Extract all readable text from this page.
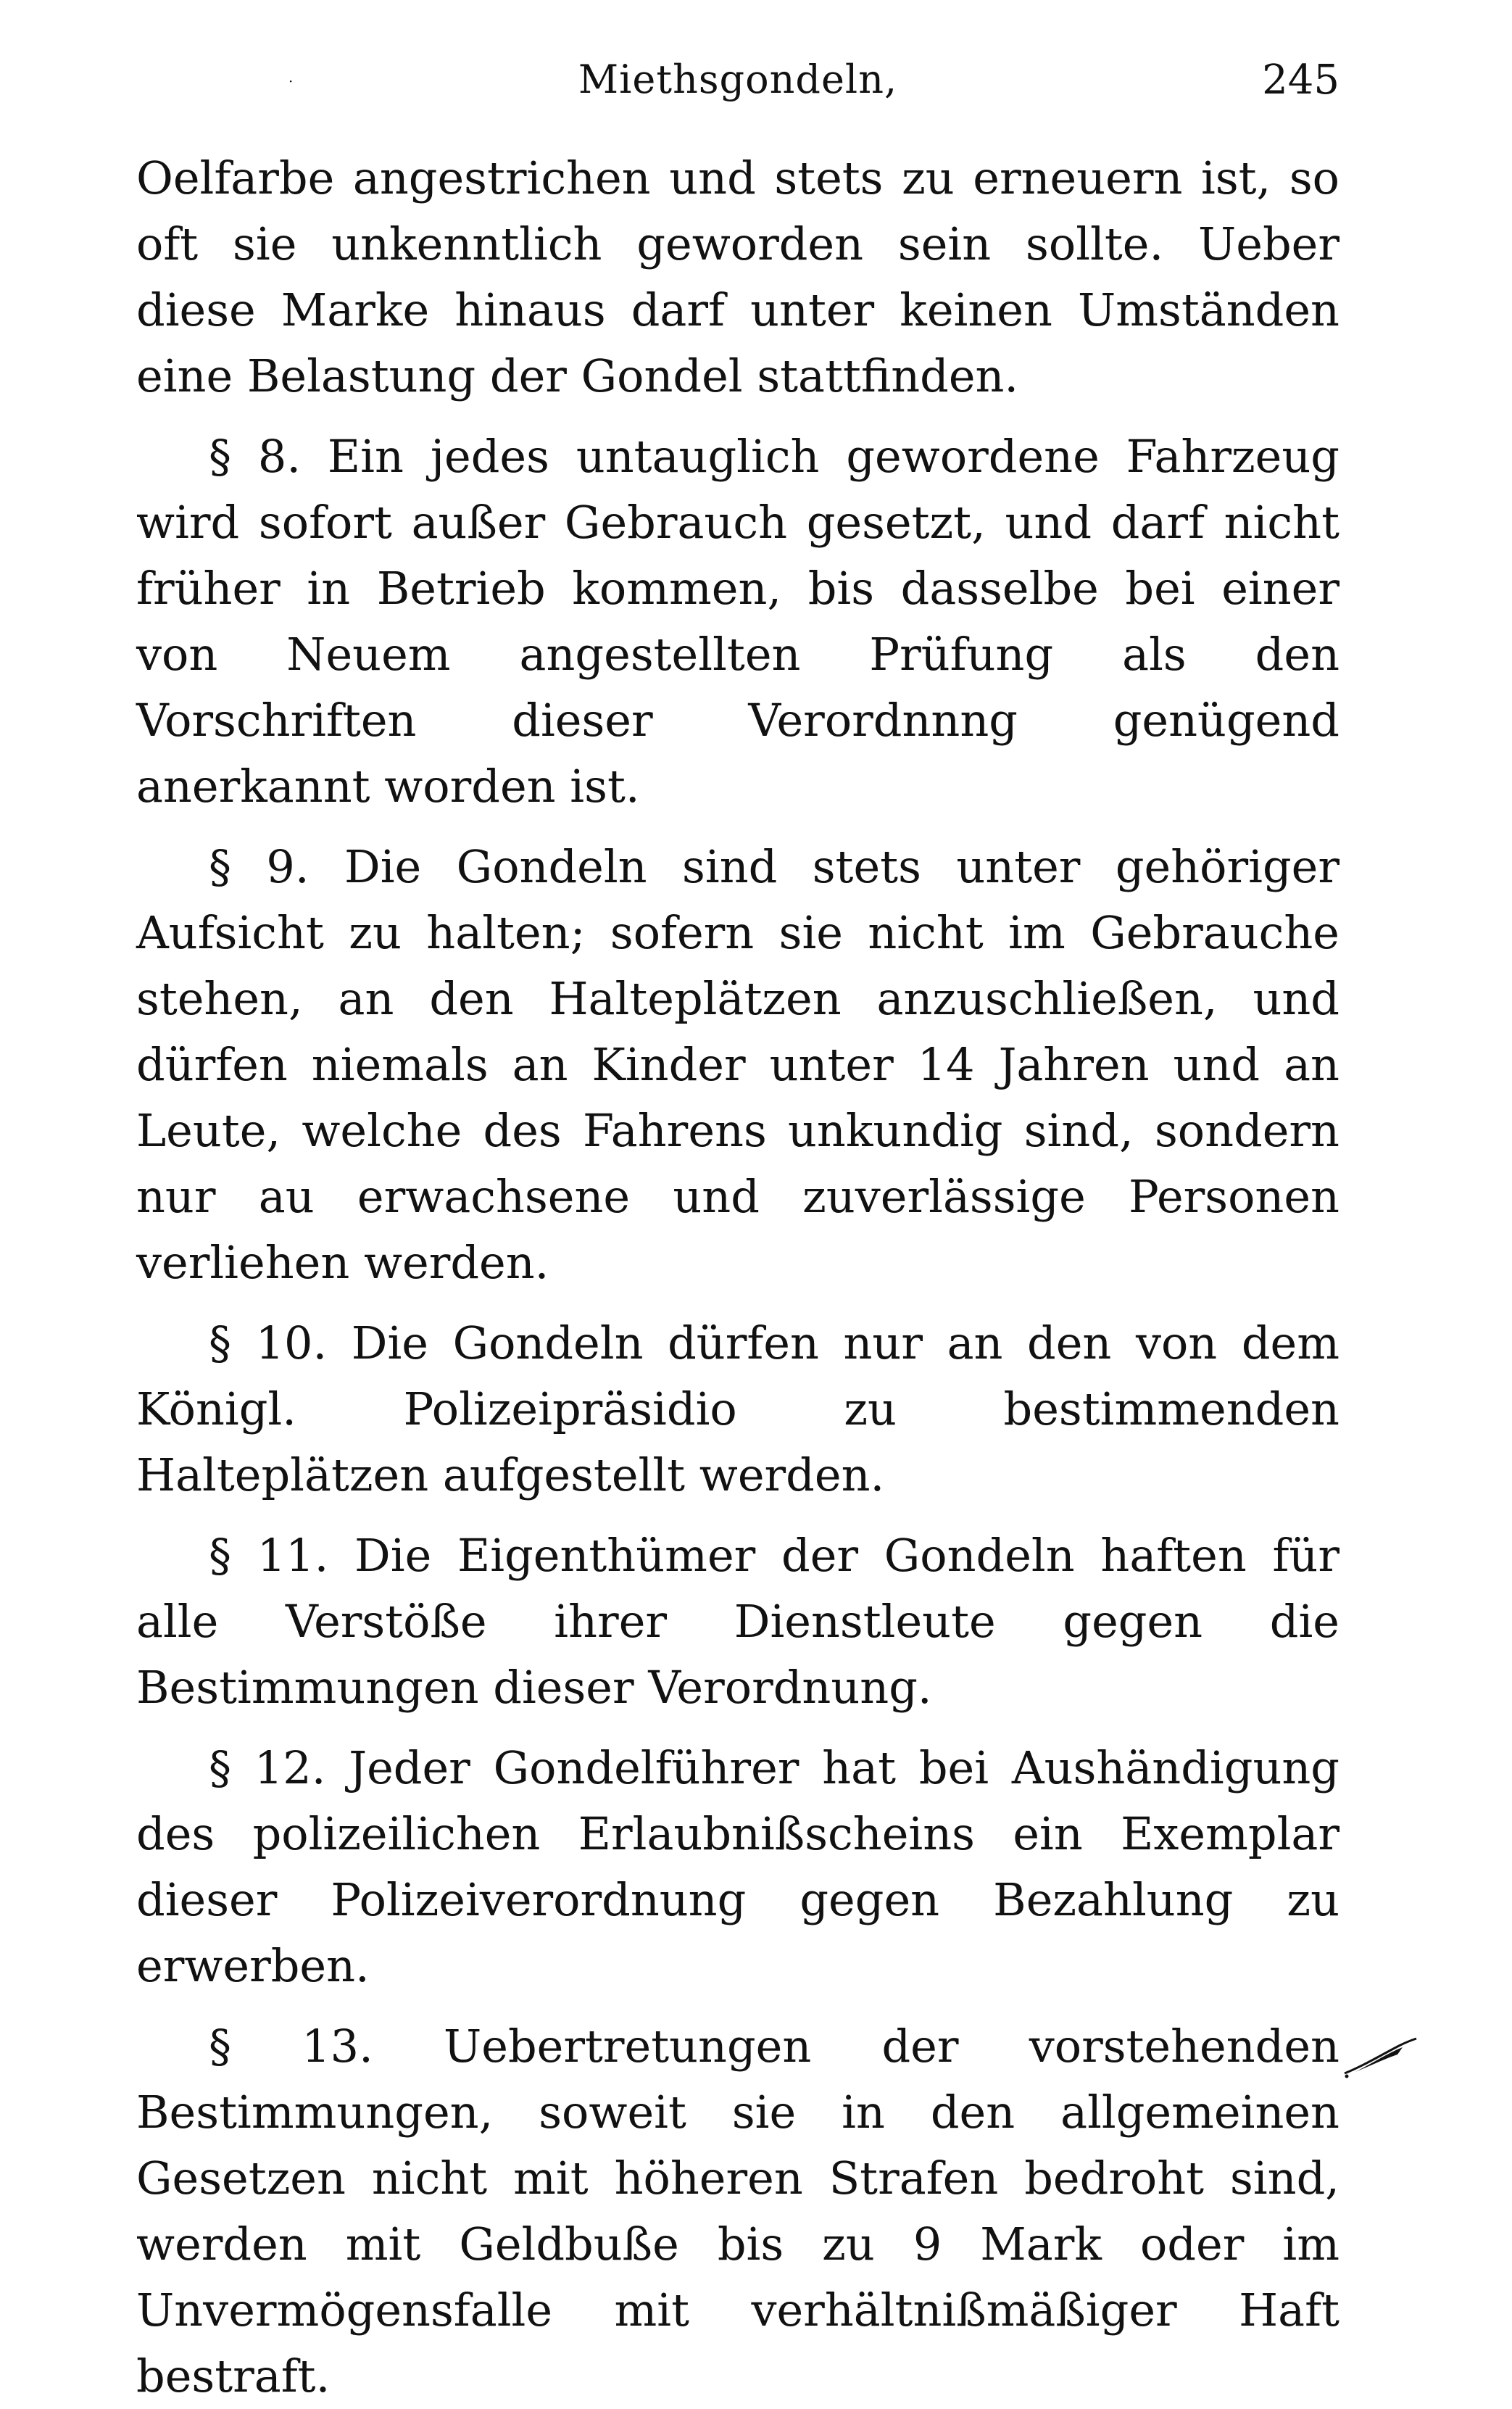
·	Miethsgondeln,	245

Oelfarbe angestrichen und stets zu erneuern ist, so oft sie unkenntlich geworden sein sollte. Ueber diese Marke hinaus darf unter keinen Umständen eine Belastung der Gondel stattfinden.

§ 8. Ein jedes untauglich gewordene Fahrzeug wird sofort außer Gebrauch gesetzt, und darf nicht früher in Betrieb kommen, bis dasselbe bei einer von Neuem angestellten Prüfung als den Vorschriften dieser Verordnnng genügend anerkannt worden ist.

§ 9. Die Gondeln sind stets unter gehöriger Aufsicht zu halten; sofern sie nicht im Gebrauche stehen, an den Halteplätzen anzuschließen, und dürfen niemals an Kinder unter 14 Jahren und an Leute, welche des Fahrens unkundig sind, sondern nur au erwachsene und zuverlässige Personen verliehen werden.

§ 10. Die Gondeln dürfen nur an den von dem Königl. Polizeipräsidio zu bestimmenden Halteplätzen aufgestellt werden.

§ 11. Die Eigenthümer der Gondeln haften für alle Verstöße ihrer Dienstleute gegen die Bestimmungen dieser Verordnung.

§ 12. Jeder Gondelführer hat bei Aushändigung des polizeilichen Erlaubnißscheins ein Exemplar dieser Polizeiverordnung gegen Bezahlung zu erwerben.

§ 13. Uebertretungen der vorstehenden Bestimmungen, soweit sie in den allgemeinen Gesetzen nicht mit höheren Strafen bedroht sind, werden mit Geldbuße bis zu 9 Mark oder im Unvermögensfalle mit verhältnißmäßiger Haft bestraft.
